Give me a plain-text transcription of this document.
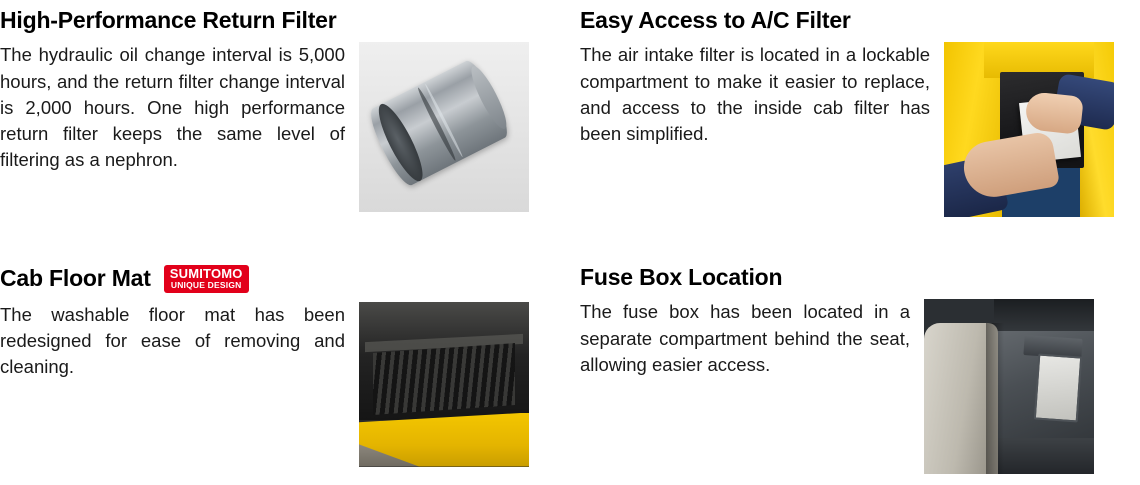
High-Performance Return Filter

The hydraulic oil change interval is 5,000 hours, and the return filter change interval is 2,000 hours. One high performance return filter keeps the same level of filtering as a nephron.

Easy Access to A/C Filter

The air intake filter is located in a lockable compartment to make it easier to replace, and access to the inside cab filter has been simplified.

Cab Floor Mat SUMITOMO
UNIQUE DESIGN

The washable floor mat has been redesigned for ease of removing and cleaning.

Fuse Box Location

The fuse box has been located in a separate compartment behind the seat, allowing easier access.
